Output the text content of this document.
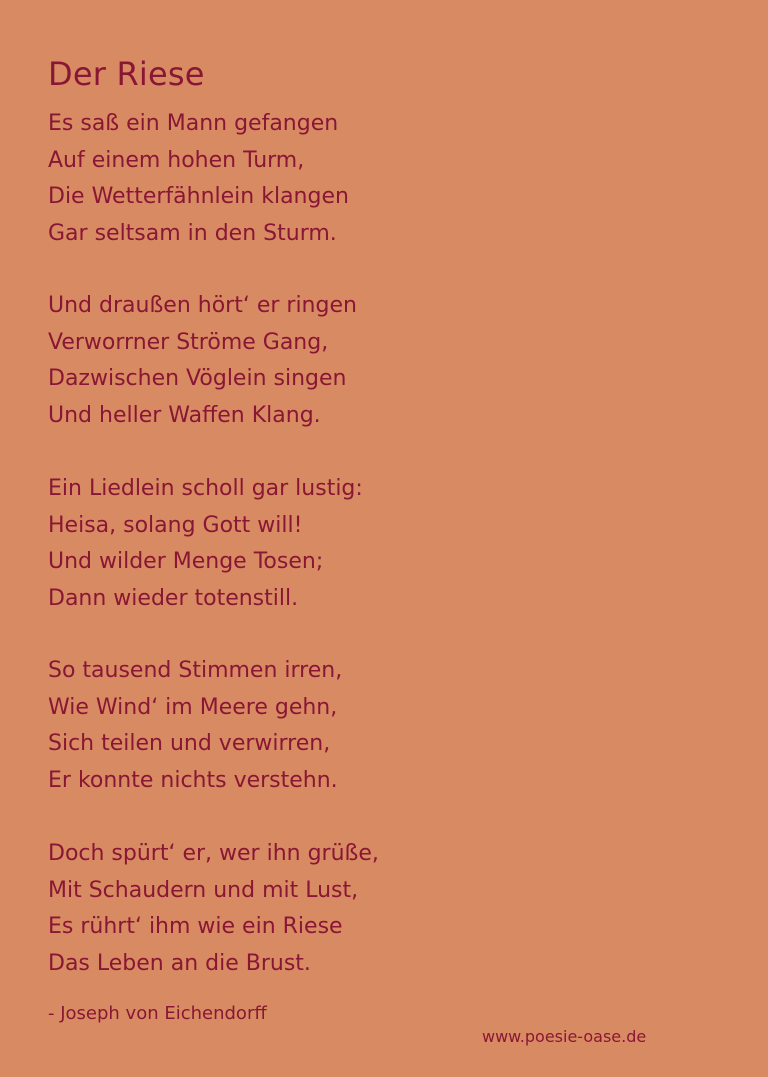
Der Riese
Es saß ein Mann gefangen
Auf einem hohen Turm,
Die Wetterfähnlein klangen
Gar seltsam in den Sturm.
Und draußen hört‘ er ringen
Verworrner Ströme Gang,
Dazwischen Vöglein singen
Und heller Waffen Klang.
Ein Liedlein scholl gar lustig:
Heisa, solang Gott will!
Und wilder Menge Tosen;
Dann wieder totenstill.
So tausend Stimmen irren,
Wie Wind‘ im Meere gehn,
Sich teilen und verwirren,
Er konnte nichts verstehn.
Doch spürt‘ er, wer ihn grüße,
Mit Schaudern und mit Lust,
Es rührt‘ ihm wie ein Riese
Das Leben an die Brust.
- Joseph von Eichendorff
www.poesie-oase.de
